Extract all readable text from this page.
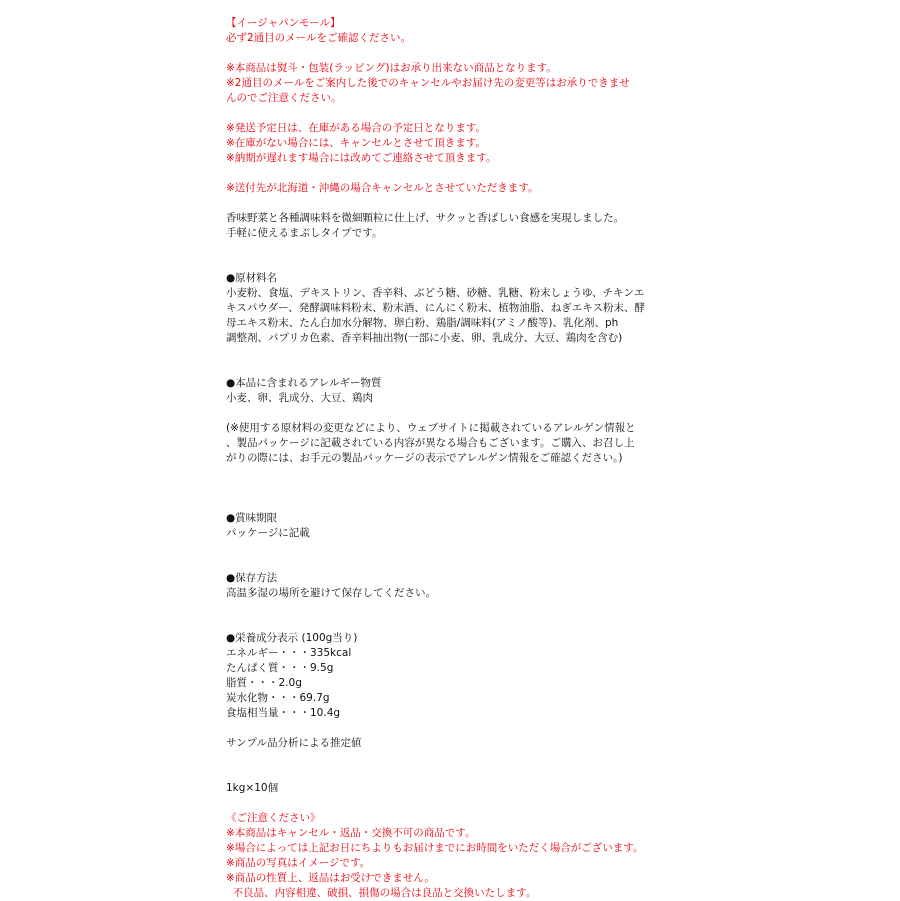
【イージャパンモール】
必ず2通目のメールをご確認ください。
※本商品は熨斗・包装(ラッピング)はお承り出来ない商品となります。
※2通目のメールをご案内した後でのキャンセルやお届け先の変更等はお承りできませ
んのでご注意ください。
※発送予定日は、在庫がある場合の予定日となります。
※在庫がない場合には、キャンセルとさせて頂きます。
※納期が遅れます場合には改めてご連絡させて頂きます。
※送付先が北海道・沖縄の場合キャンセルとさせていただきます。
香味野菜と各種調味料を微細顆粒に仕上げ、サクッと香ばしい食感を実現しました。
手軽に使えるまぶしタイプです。
●原材料名
小麦粉、食塩、デキストリン、香辛料、ぶどう糖、砂糖、乳糖、粉末しょうゆ、チキンエ
キスパウダー、発酵調味料粉末、粉末酒、にんにく粉末、植物油脂、ねぎエキス粉末、酵
母エキス粉末、たん白加水分解物、卵白粉、鶏脂/調味料(アミノ酸等)、乳化剤、ph
調整剤、パプリカ色素、香辛料抽出物(一部に小麦、卵、乳成分、大豆、鶏肉を含む)
●本品に含まれるアレルギー物質
小麦、卵、乳成分、大豆、鶏肉
(※使用する原材料の変更などにより、ウェブサイトに掲載されているアレルゲン情報と
、製品パッケージに記載されている内容が異なる場合もございます。ご購入、お召し上
がりの際には、お手元の製品パッケージの表示でアレルゲン情報をご確認ください。)
●賞味期限
パッケージに記載
●保存方法
高温多湿の場所を避けて保存してください。
●栄養成分表示 (100g当り)
エネルギー・・・335kcal
たんぱく質・・・9.5g
脂質・・・2.0g
炭水化物・・・69.7g
食塩相当量・・・10.4g
サンプル品分析による推定値
1kg×10個
《ご注意ください》
※本商品はキャンセル・返品・交換不可の商品です。
※場合によっては上記お日にちよりもお届けまでにお時間をいただく場合がございます。
※商品の写真はイメージです。
※商品の性質上、返品はお受けできません。
不良品、内容相違、破損、損傷の場合は良品と交換いたします。
